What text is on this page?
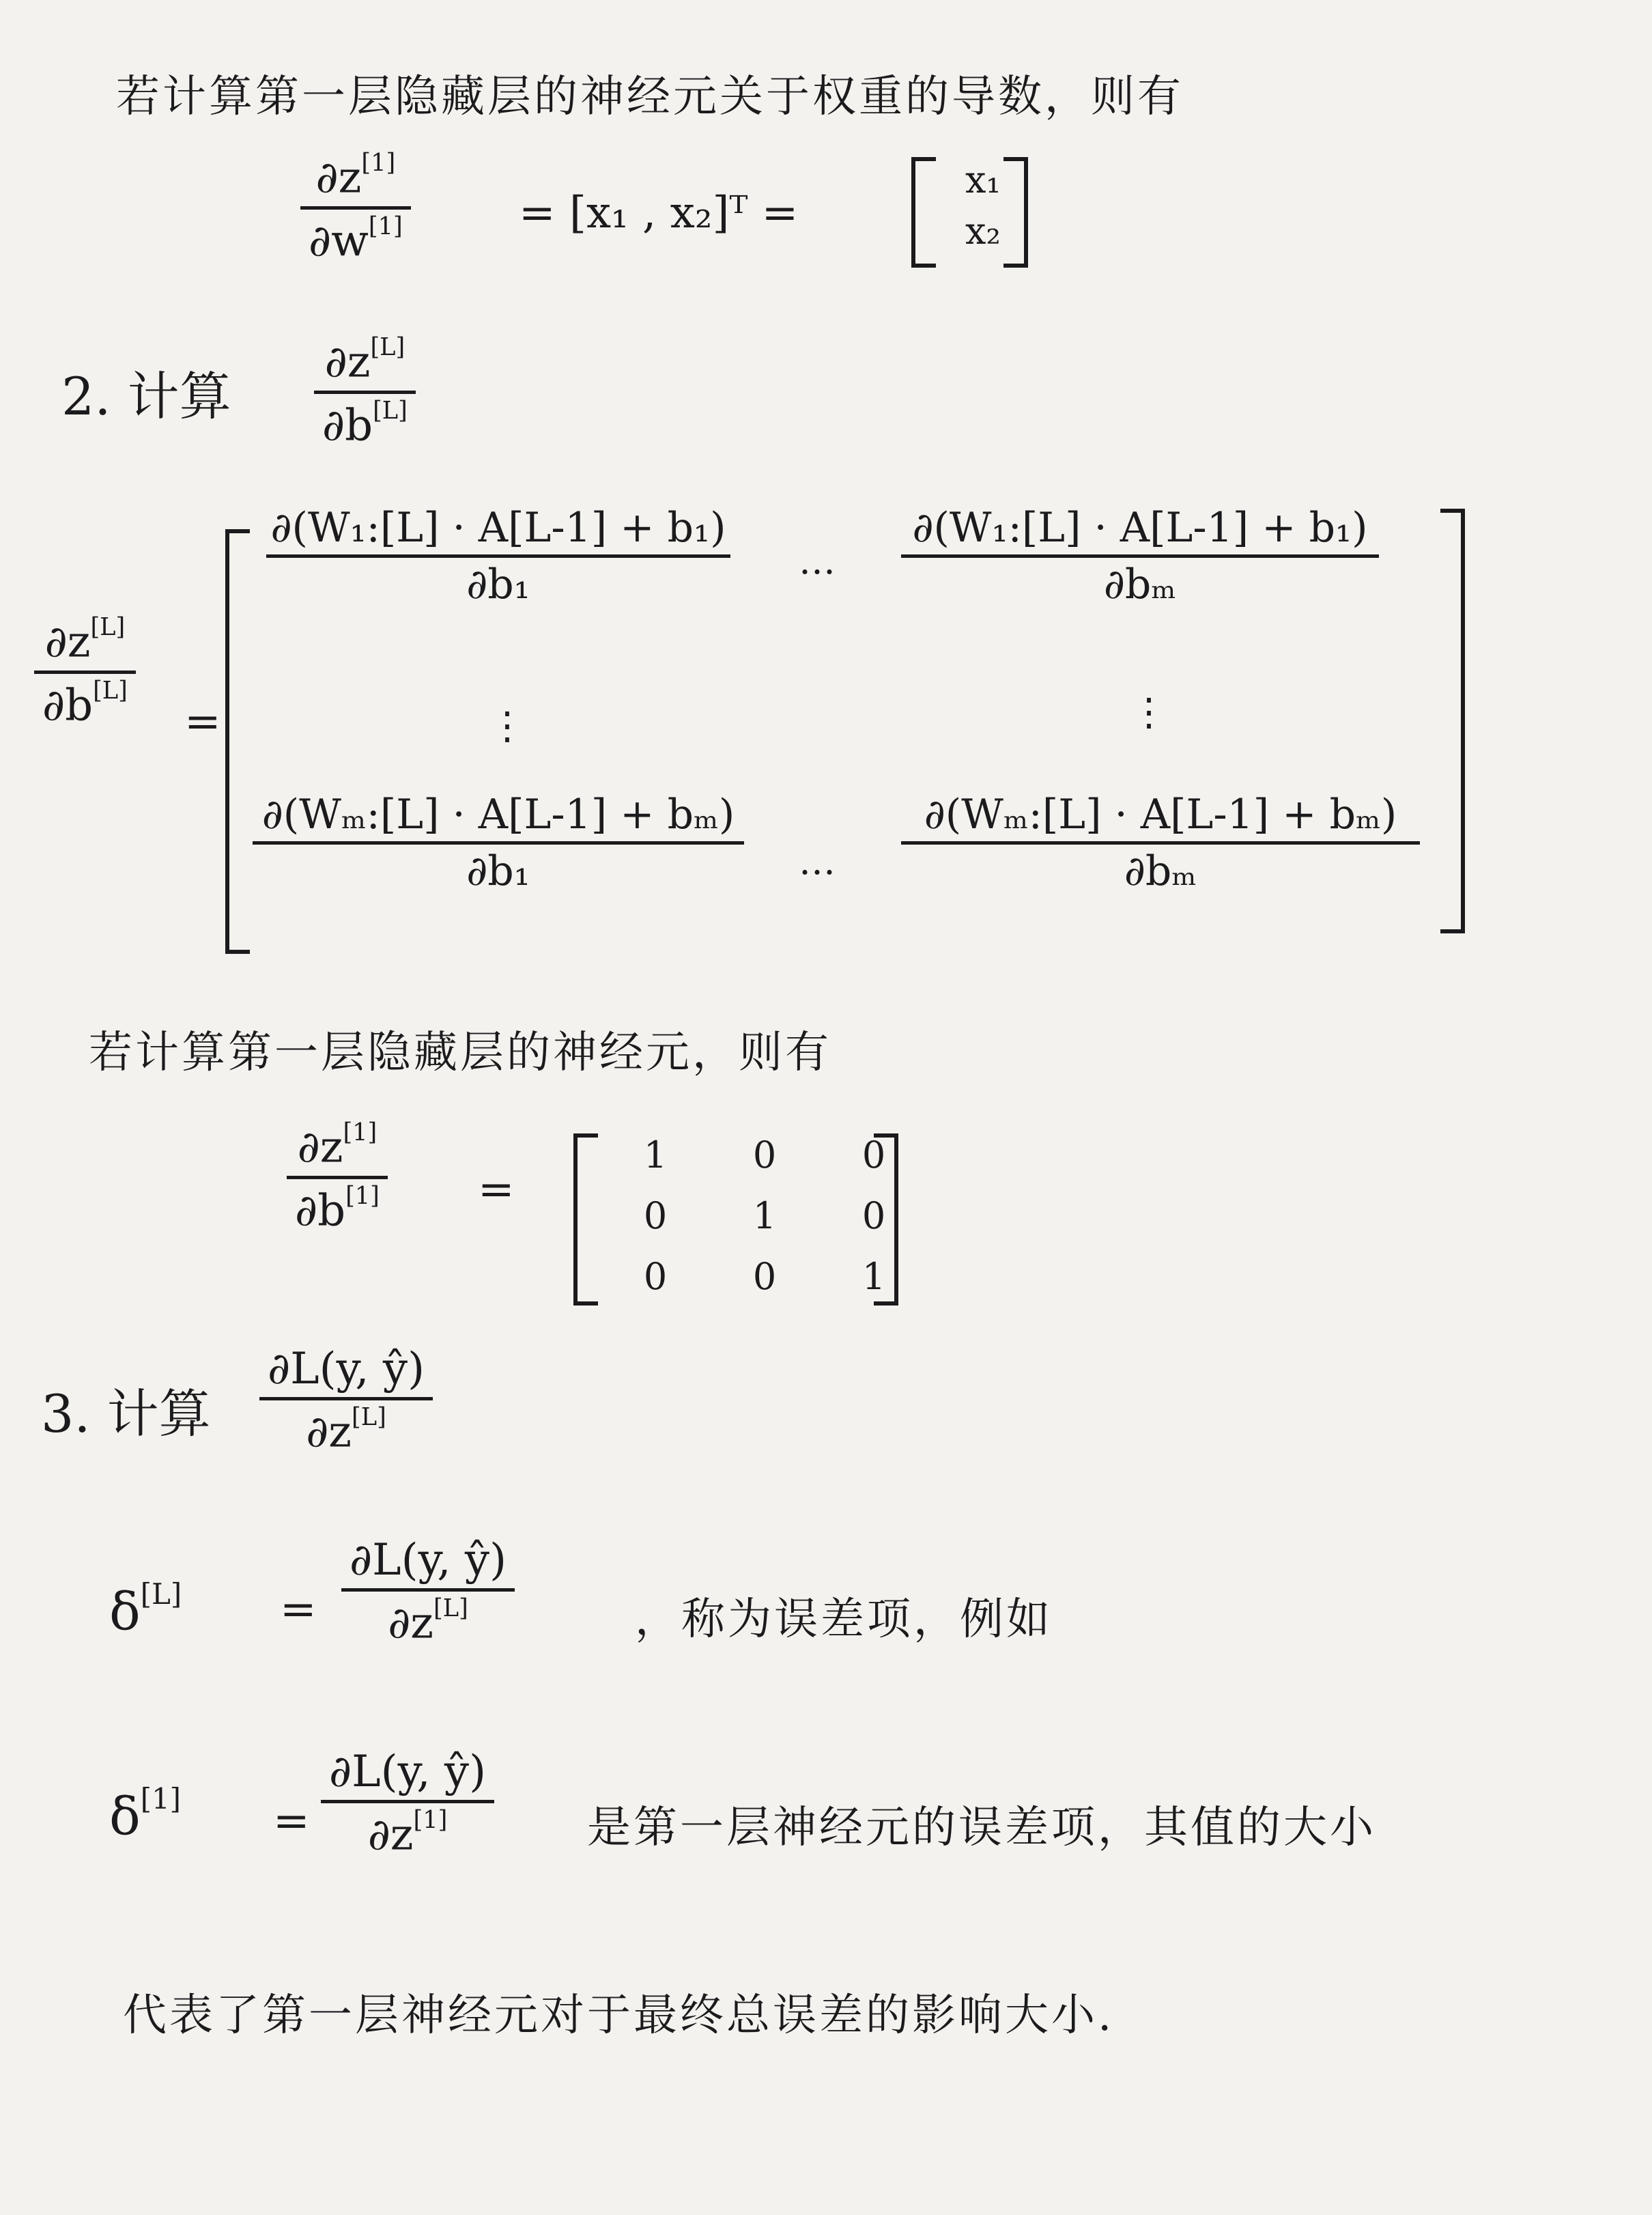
若计算第一层隐藏层的神经元关于权重的导数，则有
∂z[1]
∂w[1]	= [x₁ , x₂]ᵀ =
x₁
x₂
2. 计算
∂z[L]
∂b[L]
∂z[L]
∂b[L]
=
∂(W₁:[L] · A[L-1] + b₁)
∂b₁	…
∂(W₁:[L] · A[L-1] + b₁)
∂bₘ
⋮	⋮
∂(Wₘ:[L] · A[L-1] + bₘ)
∂b₁	…
∂(Wₘ:[L] · A[L-1] + bₘ)
∂bₘ
若计算第一层隐藏层的神经元，则有
∂z[1]
∂b[1] =
1	0	0
0	1	0
0	0	1
3. 计算
∂L(y, ŷ)
∂z[L]
δ[L] =
∂L(y, ŷ)
∂z[L]	，称为误差项，例如
δ[1] =
∂L(y, ŷ)
∂z[1]	是第一层神经元的误差项，其值的大小
代表了第一层神经元对于最终总误差的影响大小.
